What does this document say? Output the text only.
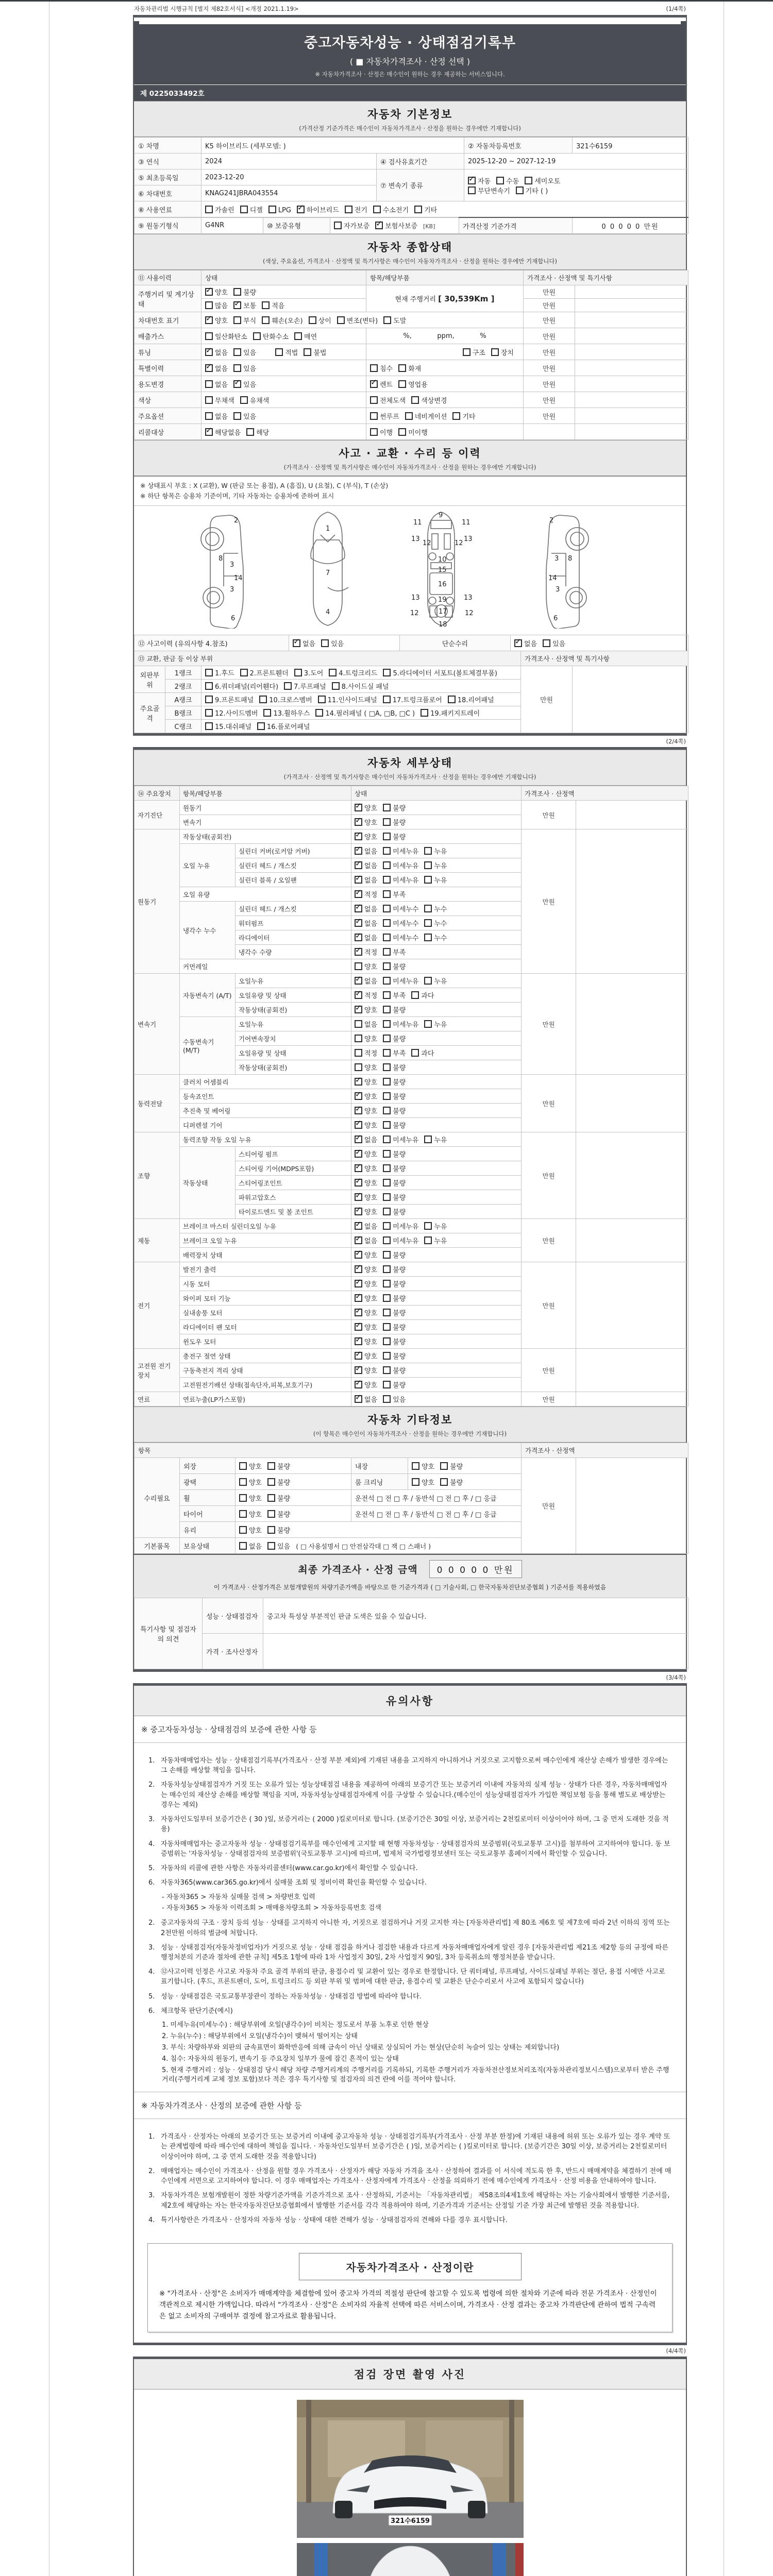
자동차관리법 시행규칙 [별지 제82호서식] <개정 2021.1.19>	(1/4쪽)
중고자동차성능 · 상태점검기록부
( ■ 자동차가격조사 · 산정 선택 )
※ 자동차가격조사 · 산정은 매수인이 원하는 경우 제공하는 서비스입니다.
제 0225033492호
자동차 기본정보
(가격산정 기준가격은 매수인이 자동차가격조사 · 산정을 원하는 경우에만 기재합니다)
① 차명	K5 하이브리드 (세부모델: )		② 자동차등록번호	321수6159
③ 연식	2024	④ 검사유효기간	2025-12-20 ~ 2027-12-19	
⑤ 최초등록일	2023-12-20	⑦ 변속기 종류	
✓자동 수동 세미오토
무단변속기 기타 ( )

⑥ 차대번호	KNAG241JBRA043554		
⑧ 사용연료	가솔린 디젤 LPG ✓ 하이브리드 전기 수소전기 기타
⑨ 원동기형식	G4NR	⑩ 보증유형	자가보증 ✓ 보험사보증 [KB]	가격산정 기준가격	0 0 0 0 0 만원
자동차 종합상태
(색상, 주요옵션, 가격조사 · 산정액 및 특기사항은 매수인이 자동차가격조사 · 산정을 원하는 경우에만 기재합니다)
⑪ 사용이력	상태	항목/해당부품	가격조사 · 산정액 및 특기사항	
주행거리 및 계기상태	✓양호 불량	현재 주행거리 [ 30,539Km ]	만원	
	많음 ✓ 보통 적음		만원	
차대번호 표기	✓양호 부식 훼손(오손) 상이 변조(변타) 도말		만원	
배출가스	일산화탄소 탄화수소 매연	%,            ppm,            %	만원	
튜닝	✓없음 있음 적법 불법	구조 장치	만원	
특별이력	✓없음 있음	침수 화재	만원	
용도변경	없음 ✓ 있음	✓렌트 영업용	만원	
색상	무채색 유채색	전체도색 색상변경	만원	
주요옵션	없음 있음	썬루프 네비게이션 기타	만원	
리콜대상	✓해당없음 해당	이행 미이행		
사고 · 교환 · 수리 등 이력
(가격조사 · 산정액 및 특기사항은 매수인이 자동차가격조사 · 산정을 원하는 경우에만 기재합니다)
※ 상태표시 부호 : X (교환), W (판금 또는 용접), A (흠집), U (요철), C (부식), T (손상)
※ 하단 항목은 승용차 기준이며, 기타 자동차는 승용차에 준하여 표시
2
8
3
14
3
6
1
7
4
11
9
11
13
12	12
13
10
15
16
13	19	13
12	17	12
18
2
3 8
14
3
6
⑫ 사고이력 (유의사항 4.참조)	✓없음 있음	단순수리	✓없음 있음
⑬ 교환, 판금 등 이상 부위			가격조사 · 산정액 및 특기사항	
외판부위	1랭크	1.후드 2.프론트휀더 3.도어 4.트렁크리드 5.라디에이터 서포트(볼트체결부품)	만원	
	2랭크	6.쿼더패널(리어휀다) 7.루프패널 8.사이드실 패널		
주요골격	A랭크	9.프론트패널 10.크로스멤버 11.인사이드패널 17.트렁크플로어 18.리어패널		
	B랭크	12.사이드멤버 13.휠하우스 14.필러패널 ( □A, □B, □C ) 19.패키지트레이		
	C랭크	15.대쉬패널 16.플로어패널		
(2/4쪽)
자동차 세부상태
(가격조사 · 산정액 및 특기사항은 매수인이 자동차가격조사 · 산정을 원하는 경우에만 기재합니다)
⑭ 주요장치	항목/해당부품		상태	가격조사 · 산정액	
자기진단	원동기	✓양호 불량	만원	
	변속기	✓양호 불량
원동기	작동상태(공회전)	✓양호 불량	만원	
	오일 누유	실린더 커버(로커암 커버)	✓없음 미세누유 누유
		실린더 헤드 / 개스킷	✓없음 미세누유 누유
		실린더 블록 / 오일팬	✓없음 미세누유 누유
	오일 유량	✓적정 부족
	냉각수 누수	실린더 헤드 / 개스킷	✓없음 미세누수 누수
		워터펌프	✓없음 미세누수 누수
		라디에이터	✓없음 미세누수 누수
		냉각수 수량	✓적정 부족
	커먼레일		양호 불량		
변속기	자동변속기 (A/T)	오일누유	✓없음 미세누유 누유	만원	
		오일유량 및 상태	✓적정 부족 과다
		작동상태(공회전)	✓양호 불량
	수동변속기 (M/T)	오일누유	없음 미세누유 누유		
		기어변속장치	양호 불량		
		오일유량 및 상태	적정 부족 과다		
		작동상태(공회전)	양호 불량		
동력전달	클러치 어셈블리	✓양호 불량	만원	
	등속죠인트	✓양호 불량
	추진축 및 베어링	✓양호 불량
	디퍼렌셜 기어	✓양호 불량
조향	동력조향 작동 오일 누유	✓없음 미세누유 누유	만원	
	작동상태	스티어링 펌프	✓양호 불량
		스티어링 기어(MDPS포함)	✓양호 불량
		스티어링조인트	✓양호 불량
		파워고압호스	✓양호 불량
		타이로드엔드 및 볼 조인트	✓양호 불량
제동	브레이크 마스터 실린더오일 누유	✓없음 미세누유 누유	만원	
	브레이크 오일 누유	✓없음 미세누유 누유
	배력장치 상태	✓양호 불량
전기	발전기 출력	✓양호 불량	만원	
	시동 모터	✓양호 불량
	와이퍼 모터 기능	✓양호 불량
	실내송풍 모터	✓양호 불량
	라디에이터 팬 모터	✓양호 불량
	윈도우 모터	✓양호 불량
고전원 전기장치	충전구 절연 상태	✓양호 불량	만원	
	구동축전지 격리 상태	✓양호 불량
	고전원전기배선 상태(접속단자,피복,보호기구)	✓양호 불량
연료	연료누출(LP가스포함)	✓없음 있음	만원	
자동차 기타정보
(이 항목은 매수인이 자동차가격조사 · 산정을 원하는 경우에만 기재합니다)
항목					가격조사 · 산정액	
수리필요	외장	양호 불량	내장	양호 불량	만원	
	광택	양호 불량	룸 크리닝	양호 불량		
	휠	양호 불량	운전석 □ 전 □ 후 / 동반석 □ 전 □ 후 / □ 응급			
	타이어	양호 불량	운전석 □ 전 □ 후 / 동반석 □ 전 □ 후 / □ 응급			
	유리	양호 불량				
기본품목	보유상태	없음 있음 ( □ 사용설명서 □ 안전삼각대 □ 잭 □ 스패너 )				
최종 가격조사 · 산정 금액 0 0 0 0 0 만원
이 가격조사 · 산정가격은 보험개발원의 차량기준가액을 바탕으로 한 기준가격과 ( □ 기술사회, □ 한국자동차진단보증협회 ) 기준서를 적용하였음
특기사항 및 점검자의 의견	성능 · 상태점검자	중고차 특성상 부분적인 판금 도색은 있을 수 있습니다.
	가격 · 조사산정자	
(3/4쪽)
유의사항
※ 중고자동차성능 · 상태점검의 보증에 관한 사항 등
1. 자동차매매업자는 성능 · 상태점검기록부(가격조사 · 산정 부분 제외)에 기재된 내용을 고지하지 아니하거나 거짓으로 고지함으로써 매수인에게 재산상 손해가 발생한 경우에는 그 손해를 배상할 책임을 집니다.
2. 자동차성능상태점검자가 거짓 또는 오류가 있는 성능상태점검 내용을 제공하여 아래의 보증기간 또는 보증거리 이내에 자동차의 실제 성능 · 상태가 다른 경우, 자동차매매업자는 매수인의 재산상 손해를 배상할 책임을 지며, 자동차성능상태점검자에게 이를 구상할 수 있습니다.(매수인이 성능상태점검자가 가입한 책임보험 등을 통해 별도로 배상받는 경우는 제외)
3. 자동차인도일부터 보증기간은 ( 30 )일, 보증거리는 ( 2000 )킬로미터로 합니다. (보증기간은 30일 이상, 보증거리는 2천킬로미터 이상이어야 하며, 그 중 먼저 도래한 것을 적용)
4. 자동차매매업자는 중고자동차 성능 · 상태점검기록부를 매수인에게 고지할 때 현행 자동차성능 · 상태점검자의 보증범위(국토교통부 고시)를 첨부하여 고지하여야 합니다. 동 보증범위는 '자동차성능 · 상태점검자의 보증범위'(국토교통부 고시)에 따르며, 법제처 국가법령정보센터 또는 국토교통부 홈페이지에서 확인할 수 있습니다.
5. 자동차의 리콜에 관한 사항은 자동차리콜센터(www.car.go.kr)에서 확인할 수 있습니다.
6. 자동차365(www.car365.go.kr)에서 실매물 조회 및 정비이력 확인을 확인할 수 있습니다.
- 자동차365 > 자동차 실매물 검색 > 차량번호 입력
- 자동차365 > 자동차 이력조회 > 매매용차량조회 > 자동차등록번호 검색
2. 중고자동차의 구조 · 장치 등의 성능 · 상태를 고지하지 아니한 자, 거짓으로 점검하거나 거짓 고지한 자는 [자동차관리법] 제 80조 제6호 및 제7호에 따라 2년 이하의 징역 또는 2천만원 이하의 벌금에 처합니다.
3. 성능 · 상태점검자(자동차정비업자)가 거짓으로 성능 · 상태 점검을 하거나 점검한 내용과 다르게 자동차매매업자에게 알린 경우 [자동차관리법 제21조 제2항 등의 규정에 따른 행정처분의 기준과 절차에 관한 규칙] 제5조 1항에 따라 1차 사업정지 30일, 2차 사업정지 90일, 3차 등록취소의 행정처분을 받습니다.
4. ⑫사고이력 인정은 사고로 자동차 주요 골격 부위의 판금, 용접수리 및 교환이 있는 경우로 한정합니다. 단 쿼터패널, 루프패널, 사이드실패널 부위는 절단, 용접 시에만 사고로 표기합니다. (후드, 프론트펜더, 도어, 트렁크리드 등 외판 부위 및 범퍼에 대한 판금, 용접수리 및 교환은 단순수리로서 사고에 포함되지 않습니다)
5. 성능 · 상태점검은 국토교통부장관이 정하는 자동차성능 · 상태점검 방법에 따라야 합니다.
6. 체크항목 판단기준(예시)
1. 미세누유(미세누수) : 해당부위에 오일(냉각수)이 비치는 정도로서 부품 노후로 인한 현상
2. 누유(누수) : 해당부위에서 오일(냉각수)이 맺혀서 떨어지는 상태
3. 부식: 차량하부와 외판의 금속표면이 화학반응에 의해 금속이 아닌 상태로 상실되어 가는 현상(단순히 녹슬어 있는 상태는 제외합니다)
4. 침수: 자동차의 원동기, 변속기 등 주요장치 일부가 물에 잠긴 흔적이 있는 상태
5. 현재 주행거리 : 성능 · 상태점검 당시 해당 차량 주행거리계의 주행거리를 기록하되, 기록한 주행거리가 자동차전산정보처리조직(자동차관리정보시스템)으로부터 받은 주행거리(주행거리계 교체 정보 포함)보다 적은 경우 특기사항 및 점검자의 의견 란에 이를 적어야 합니다.
※ 자동차가격조사 · 산정의 보증에 관한 사항 등
1. 가격조사 · 산정자는 아래의 보증기간 또는 보증거리 이내에 중고자동차 성능 · 상태점검기록부(가격조사 · 산정 부분 한정)에 기재된 내용에 허위 또는 오류가 있는 경우 계약 또는 관계법령에 따라 매수인에 대하여 책임을 집니다. · 자동차인도일부터 보증기간은 ( )일, 보증거리는 ( )킬로미터로 합니다. (보증기간은 30일 이상, 보증거리는 2천킬로미터 이상이어야 하며, 그 중 먼저 도래한 것을 적용합니다)
2. 매매업자는 매수인이 가격조사 · 산정을 원할 경우 가격조사 · 산정자가 해당 자동차 가격을 조사 · 산정하여 결과를 이 서식에 적도록 한 후, 반드시 매매계약을 체결하기 전에 매수인에게 서면으로 고지하여야 합니다. 이 경우 매매업자는 가격조사 · 산정자에게 가격조사 · 산정을 의뢰하기 전에 매수인에게 가격조사 · 산정 비용을 안내하여야 합니다.
3. 자동차가격은 보험개발원이 정한 차량기준가액을 기준가격으로 조사 · 산정하되, 기준서는 「자동차관리법」 제58조의4제1호에 해당하는 자는 기술사회에서 발행한 기준서를, 제2호에 해당하는 자는 한국자동차진단보증협회에서 발행한 기준서를 각각 적용하여야 하며, 기준가격과 기준서는 산정일 기준 가장 최근에 발행된 것을 적용합니다.
4. 특기사항란은 가격조사 · 산정자의 자동차 성능 · 상태에 대한 견해가 성능 · 상태점검자의 견해와 다를 경우 표시합니다.
자동차가격조사 · 산정이란
※ "가격조사 · 산정"은 소비자가 매매계약을 체결함에 있어 중고차 가격의 적절성 판단에 참고할 수 있도록 법령에 의한 절차와 기준에 따라 전문 가격조사 · 산정인이 객관적으로 제시한 가액입니다. 따라서 "가격조사 · 산정"은 소비자의 자율적 선택에 따른 서비스이며, 가격조사 · 산정 결과는 중고차 가격판단에 관하여 법적 구속력은 없고 소비자의 구매여부 결정에 참고자료로 활용됩니다.
(4/4쪽)
점검 장면 촬영 사진
321수6159
